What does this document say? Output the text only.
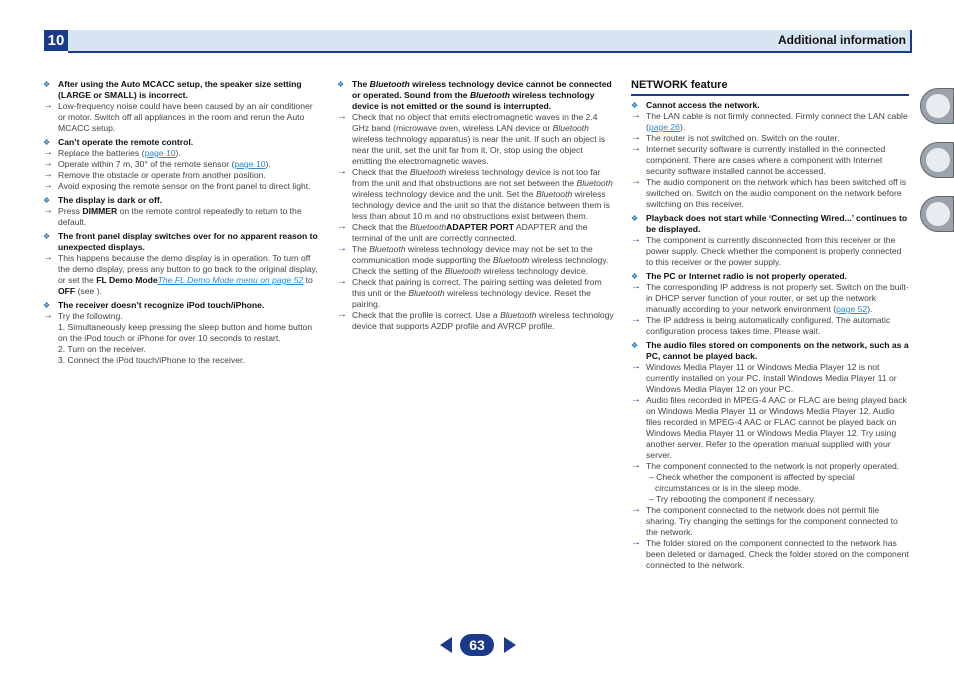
10	Additional information
❖ After using the Auto MCACC setup, the speaker size setting (LARGE or SMALL) is incorrect.
→ Low-frequency noise could have been caused by an air conditioner or motor. Switch off all appliances in the room and rerun the Auto MCACC setup.
❖ Can’t operate the remote control.
→ Replace the batteries (page 10).
→ Operate within 7 m, 30° of the remote sensor (page 10).
→ Remove the obstacle or operate from another position.
→ Avoid exposing the remote sensor on the front panel to direct light.
❖ The display is dark or off.
→ Press DIMMER on the remote control repeatedly to return to the default.
❖ The front panel display switches over for no apparent reason to unexpected displays.
→ This happens because the demo display is in operation. To turn off the demo display, press any button to go back to the original display, or set the FL Demo ModeThe FL Demo Mode menu on page 52 to OFF (see ).
❖ The receiver doesn’t recognize iPod touch/iPhone.
→ Try the following.
1. Simultaneously keep pressing the sleep button and home button on the iPod touch or iPhone for over 10 seconds to restart.
2. Turn on the receiver.
3. Connect the iPod touch/iPhone to the receiver.
❖ The Bluetooth wireless technology device cannot be connected or operated. Sound from the Bluetooth wireless technology device is not emitted or the sound is interrupted.
→ Check that no object that emits electromagnetic waves in the 2.4 GHz band (microwave oven, wireless LAN device or Bluetooth wireless technology apparatus) is near the unit. If such an object is near the unit, set the unit far from it. Or, stop using the object emitting the electromagnetic waves.
→ Check that the Bluetooth wireless technology device is not too far from the unit and that obstructions are not set between the Bluetooth wireless technology device and the unit. Set the Bluetooth wireless technology device and the unit so that the distance between them is less than about 10 m and no obstructions exist between them.
→ Check that the BluetoothADAPTER PORT ADAPTER and the terminal of the unit are correctly connected.
→ The Bluetooth wireless technology device may not be set to the communication mode supporting the Bluetooth wireless technology. Check the setting of the Bluetooth wireless technology device.
→ Check that pairing is correct. The pairing setting was deleted from this unit or the Bluetooth wireless technology device. Reset the pairing.
→ Check that the profile is correct. Use a Bluetooth wireless technology device that supports A2DP profile and AVRCP profile.
NETWORK feature
❖ Cannot access the network.
→ The LAN cable is not firmly connected. Firmly connect the LAN cable (page 26).
→ The router is not switched on. Switch on the router.
→ Internet security software is currently installed in the connected component. There are cases where a component with Internet security software installed cannot be accessed.
→ The audio component on the network which has been switched off is switched on. Switch on the audio component on the network before switching on this receiver.
❖ Playback does not start while ‘Connecting Wired...’ continues to be displayed.
→ The component is currently disconnected from this receiver or the power supply. Check whether the component is properly connected to this receiver or the power supply.
❖ The PC or Internet radio is not properly operated.
→ The corresponding IP address is not properly set. Switch on the built-in DHCP server function of your router, or set up the network manually according to your network environment (page 52).
→ The IP address is being automatically configured. The automatic configuration process takes time. Please wait.
❖ The audio files stored on components on the network, such as a PC, cannot be played back.
→ Windows Media Player 11 or Windows Media Player 12 is not currently installed on your PC. Install Windows Media Player 11 or Windows Media Player 12 on your PC.
→ Audio files recorded in MPEG-4 AAC or FLAC are being played back on Windows Media Player 11 or Windows Media Player 12. Audio files recorded in MPEG-4 AAC or FLAC cannot be played back on Windows Media Player 11 or Windows Media Player 12. Try using another server. Refer to the operation manual supplied with your server.
→ The component connected to the network is not properly operated.
– Check whether the component is affected by special circumstances or is in the sleep mode.
– Try rebooting the component if necessary.
→ The component connected to the network does not permit file sharing. Try changing the settings for the component connected to the network.
→ The folder stored on the component connected to the network has been deleted or damaged. Check the folder stored on the component connected to the network.
63
